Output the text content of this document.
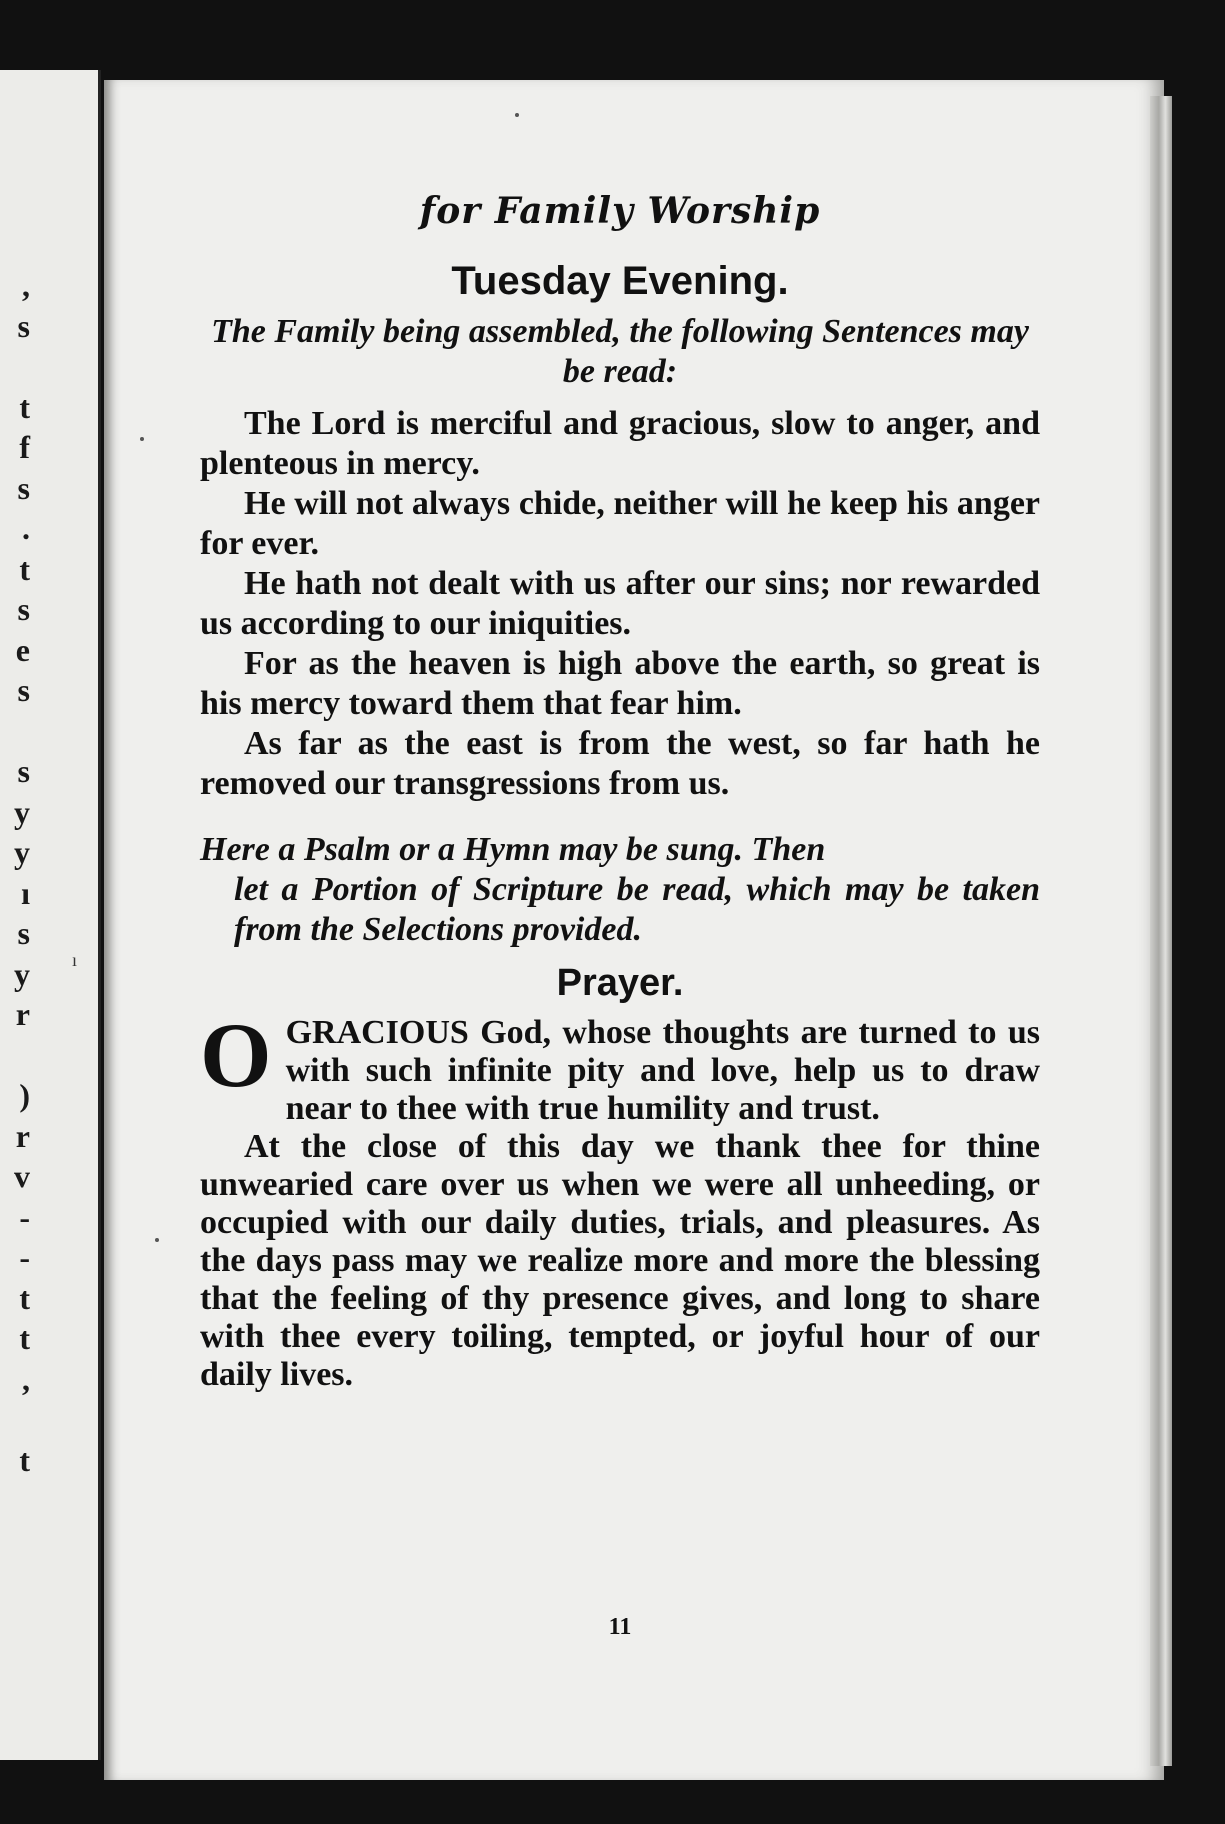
,
s
t
f
s
.
t
s
e
s
s
y
y
ı
s
y
r
)
r
v
-
-
t
t
,
t
ı
for Family Worship
Tuesday Evening.
The Family being assembled, the following Sentences may be read:

The Lord is merciful and gracious, slow to anger, and plenteous in mercy.

He will not always chide, neither will he keep his anger for ever.

He hath not dealt with us after our sins; nor rewarded us according to our iniquities.

For as the heaven is high above the earth, so great is his mercy toward them that fear him.

As far as the east is from the west, so far hath he removed our transgressions from us.

Here a Psalm or a Hymn may be sung. Then
let a Portion of Scripture be read, which may be taken from the Selections provided.
Prayer.

O GRACIOUS God, whose thoughts are turned to us with such infinite pity and love, help us to draw near to thee with true humility and trust.

At the close of this day we thank thee for thine unwearied care over us when we were all unheeding, or occupied with our daily duties, trials, and pleasures. As the days pass may we realize more and more the blessing that the feeling of thy presence gives, and long to share with thee every toiling, tempted, or joyful hour of our daily lives.

11
